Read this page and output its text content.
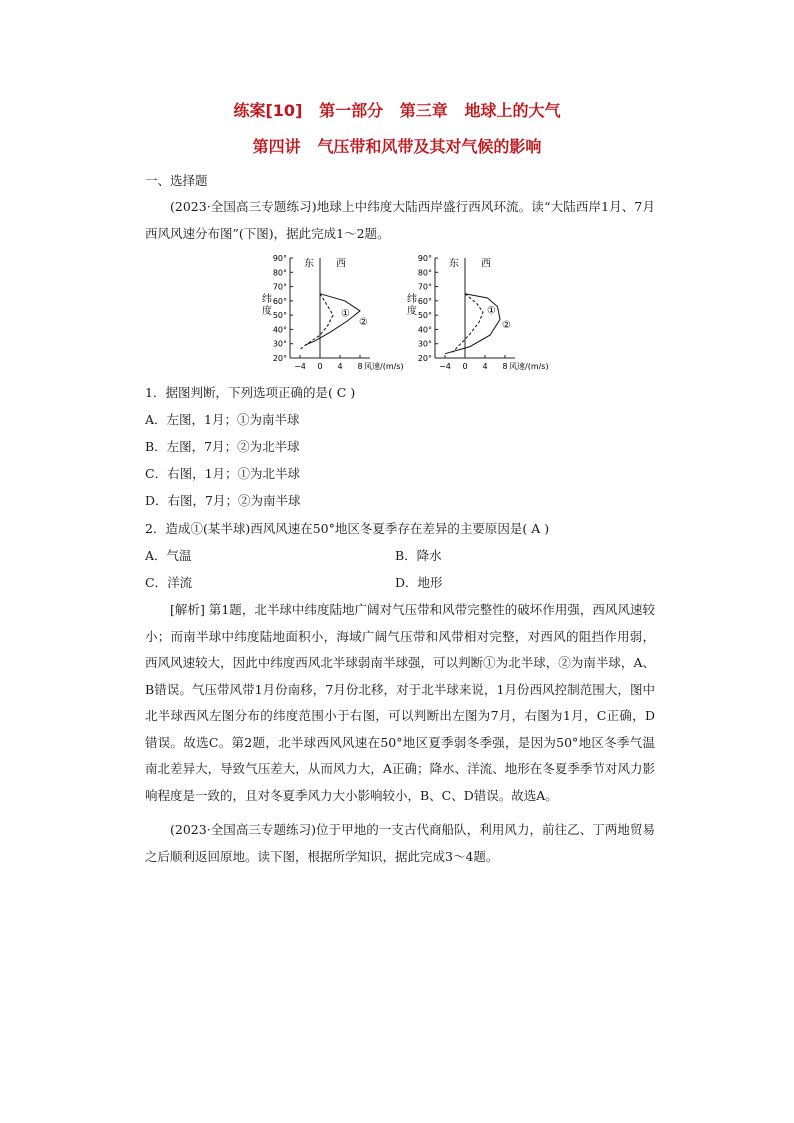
练案[10]   第一部分   第三章   地球上的大气
第四讲   气压带和风带及其对气候的影响
一、选择题
(2023·全国高三专题练习)地球上中纬度大陆西岸盛行西风环流。读“大陆西岸1月、7月西风风速分布图”(下图)，据此完成1～2题。
纬
度
纬
度
90°
80°
70°
60°
50°
40°
30°
20°
−4 0 4 8 风速/(m/s)
东 西
①
②
90°
80°
70°
60°
50°
40°
30°
20°
−4 0 4 8 风速/(m/s)
东 西
①
②
1．据图判断，下列选项正确的是( C )
A．左图，1月；①为南半球
B．左图，7月；②为北半球
C．右图，1月；①为北半球
D．右图，7月；②为南半球
2．造成①(某半球)西风风速在50°地区冬夏季存在差异的主要原因是( A )
A．气温	B．降水
C．洋流	D．地形
[解析] 第1题，北半球中纬度陆地广阔对气压带和风带完整性的破坏作用强，西风风速较小；而南半球中纬度陆地面积小，海域广阔气压带和风带相对完整，对西风的阻挡作用弱，西风风速较大，因此中纬度西风北半球弱南半球强，可以判断①为北半球，②为南半球，A、B错误。气压带风带1月份南移，7月份北移，对于北半球来说，1月份西风控制范围大，图中北半球西风左图分布的纬度范围小于右图，可以判断出左图为7月，右图为1月，C正确，D错误。故选C。第2题，北半球西风风速在50°地区夏季弱冬季强，是因为50°地区冬季气温南北差异大，导致气压差大，从而风力大，A正确；降水、洋流、地形在冬夏季季节对风力影响程度是一致的，且对冬夏季风力大小影响较小，B、C、D错误。故选A。
(2023·全国高三专题练习)位于甲地的一支古代商船队，利用风力，前往乙、丁两地贸易之后顺利返回原地。读下图，根据所学知识，据此完成3～4题。
